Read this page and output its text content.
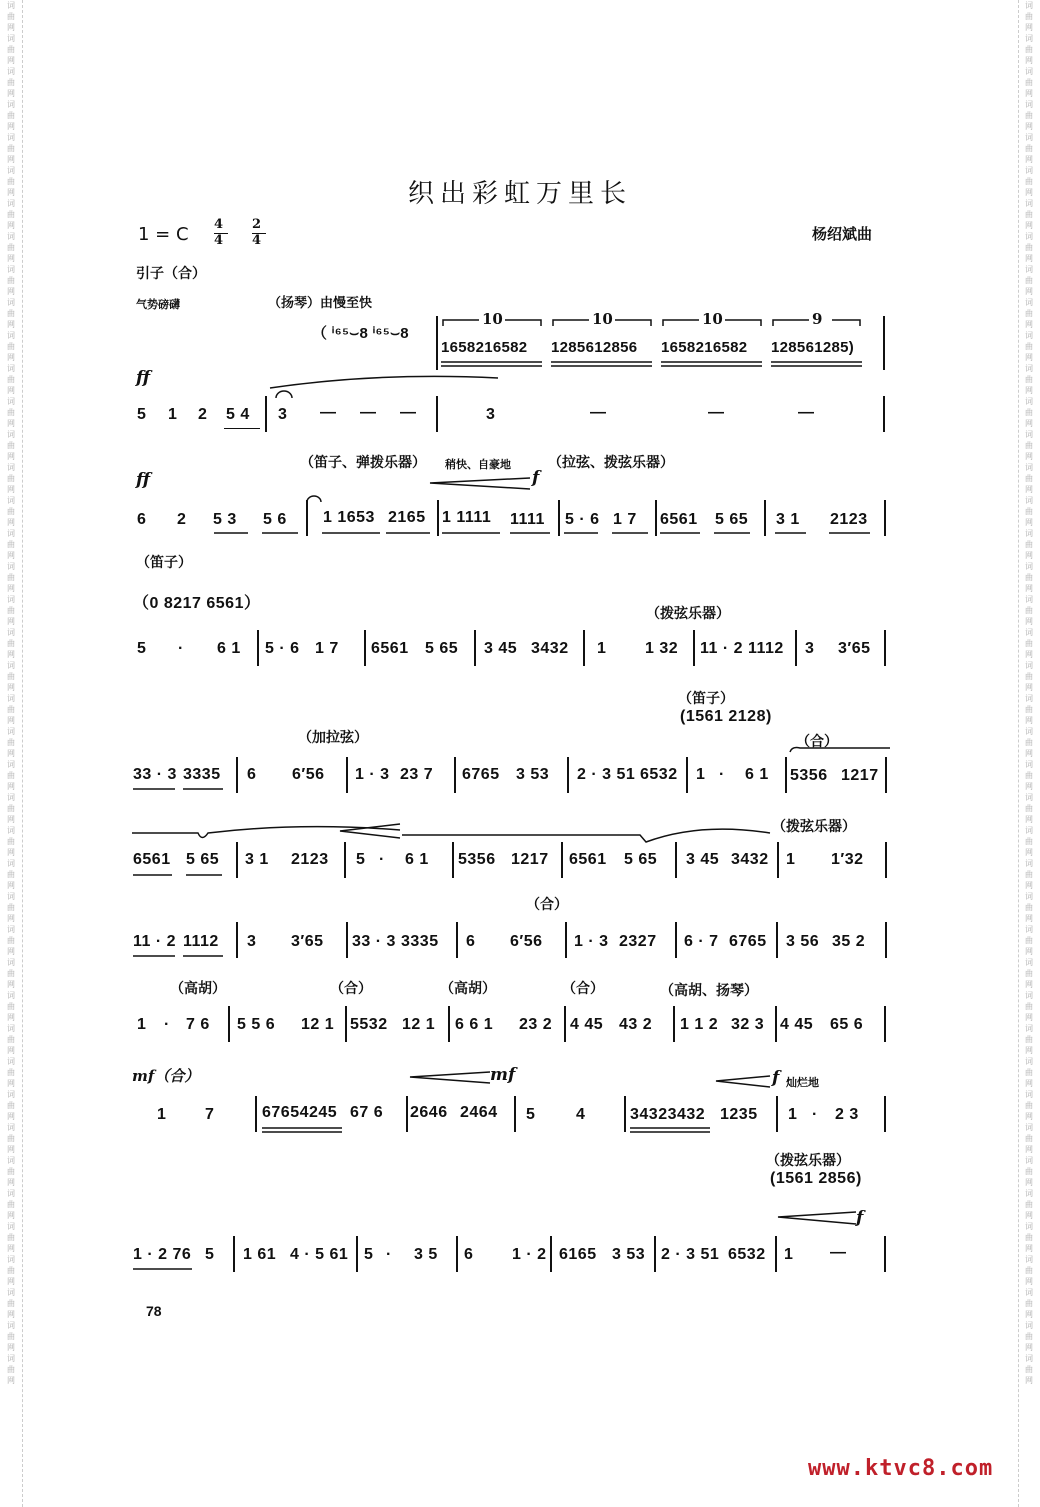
词曲网词曲网词曲网词曲网词曲网词曲网词曲网词曲网词曲网词曲网词曲网词曲网词曲网词曲网词曲网词曲网词曲网词曲网词曲网词曲网词曲网词曲网词曲网词曲网词曲网词曲网词曲网词曲网词曲网词曲网词曲网词曲网词曲网词曲网词曲网词曲网词曲网词曲网词曲网词曲网词曲网词曲网
词曲网词曲网词曲网词曲网词曲网词曲网词曲网词曲网词曲网词曲网词曲网词曲网词曲网词曲网词曲网词曲网词曲网词曲网词曲网词曲网词曲网词曲网词曲网词曲网词曲网词曲网词曲网词曲网词曲网词曲网词曲网词曲网词曲网词曲网词曲网词曲网词曲网词曲网词曲网词曲网词曲网词曲网
织出彩虹万里长
1 = C 4
4
2
4	杨绍斌曲
引子（合）
气势磅礴	（扬琴）由慢至快
（ ⁱ⁶⁵⌣8 ⁱ⁶⁵⌣8
10	10	10	9
1658216582 1285612856 1658216582 128561285)
ff
5 1 2 5 4 3 — — —	3	—	—	—
（笛子、弹拨乐器） 稍快、自豪地
f
（拉弦、拨弦乐器）
ff
6 2 5 3 5 6 1 1653 2165 1 1111 1111 5 · 6 1 7 6561 5 65 3 1 2123
（笛子）
（0 8217 6561）
（拨弦乐器）
5 · 6 1 5 · 6 1 7 6561 5 65 3 45 3432 1 1 32 11 · 2 1112 3 3′65
（笛子）
(1561 2128)
（加拉弦）	（合）
33 · 3 3335 6 6′56 1 · 3 23 7 6765 3 53 2 · 3 51 6532 1 · 6 1 5356 1217
（拨弦乐器）
6561 5 65 3 1 2123 5 · 6 1 5356 1217 6561 5 65 3 45 3432 1 1′32
（合）
11 · 2 1112 3 3′65 33 · 3 3335 6 6′56 1 · 3 2327 6 · 7 6765 3 56 35 2
（高胡）	（合）	（高胡）	（合）	（高胡、扬琴）
1 · 7 6 5 5 6 12 1 5532 12 1 6 6 1 23 2 4 45 43 2 1 1 2 32 3 4 45 65 6
mf（合）	mf	f 灿烂地
1 7	67654245 67 6 2646 2464 5	4	34323432 1235 1 · 2 3
（拨弦乐器）
(1561 2856)
f
1 · 2 76 5 1 61 4 · 5 61 5 · 3 5 6 1 · 2 6165 3 53 2 · 3 51 6532 1 —
78
www.ktvc8.com
